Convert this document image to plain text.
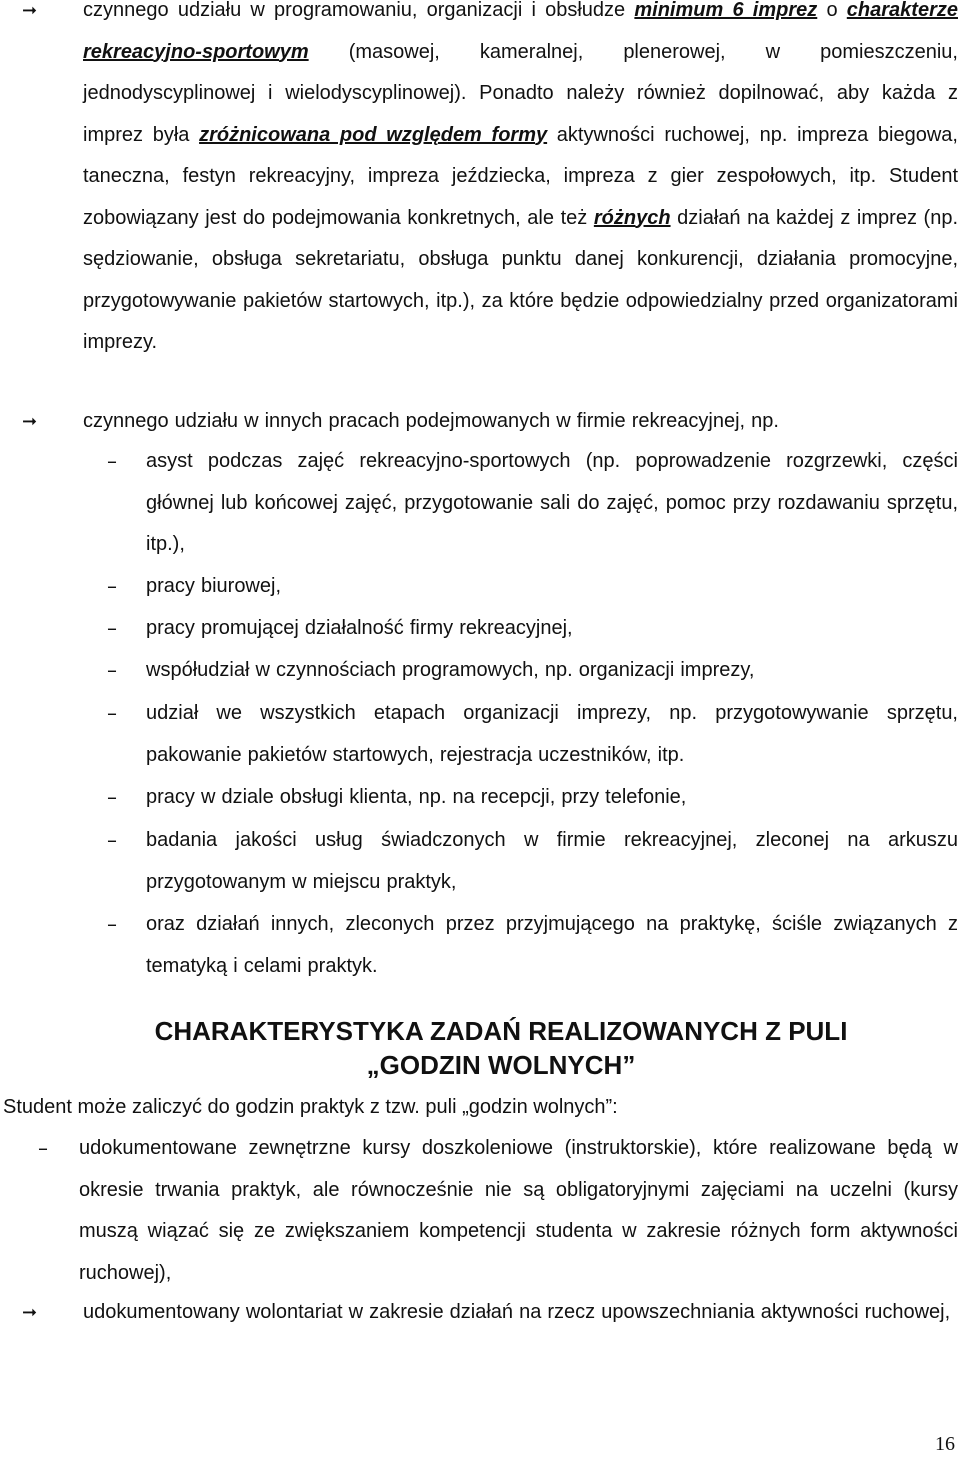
➞ czynnego udziału w programowaniu, organizacji i obsłudze minimum 6 imprez o charakterze rekreacyjno-sportowym (masowej, kameralnej, plenerowej, w pomieszczeniu, jednodyscyplinowej i wielodyscyplinowej). Ponadto należy również dopilnować, aby każda z imprez była zróżnicowana pod względem formy aktywności ruchowej, np. impreza biegowa, taneczna, festyn rekreacyjny, impreza jeździecka, impreza z gier zespołowych, itp. Student zobowiązany jest do podejmowania konkretnych, ale też różnych działań na każdej z imprez (np. sędziowanie, obsługa sekretariatu, obsługa punktu danej konkurencji, działania promocyjne, przygotowywanie pakietów startowych, itp.), za które będzie odpowiedzialny przed organizatorami imprezy.

➞ czynnego udziału w innych pracach podejmowanych w firmie rekreacyjnej, np.

– asyst podczas zajęć rekreacyjno-sportowych (np. poprowadzenie rozgrzewki, części głównej lub końcowej zajęć, przygotowanie sali do zajęć, pomoc przy rozdawaniu sprzętu, itp.),

– pracy biurowej,

– pracy promującej działalność firmy rekreacyjnej,

– współudział w czynnościach programowych, np. organizacji imprezy,

– udział we wszystkich etapach organizacji imprezy, np. przygotowywanie sprzętu, pakowanie pakietów startowych, rejestracja uczestników, itp.

– pracy w dziale obsługi klienta, np. na recepcji, przy telefonie,

– badania jakości usług świadczonych w firmie rekreacyjnej, zleconej na arkuszu przygotowanym w miejscu praktyk,

– oraz działań innych, zleconych przez przyjmującego na praktykę, ściśle związanych z tematyką i celami praktyk.

CHARAKTERYSTYKA ZADAŃ REALIZOWANYCH Z PULI
„GODZIN WOLNYCH”
Student może zaliczyć do godzin praktyk z tzw. puli „godzin wolnych”:
– udokumentowane zewnętrzne kursy doszkoleniowe (instruktorskie), które realizowane będą w okresie trwania praktyk, ale równocześnie nie są obligatoryjnymi zajęciami na uczelni (kursy muszą wiązać się ze zwiększaniem kompetencji studenta w zakresie różnych form aktywności ruchowej),

➞ udokumentowany wolontariat w zakresie działań na rzecz upowszechniania aktywności ruchowej,

16
